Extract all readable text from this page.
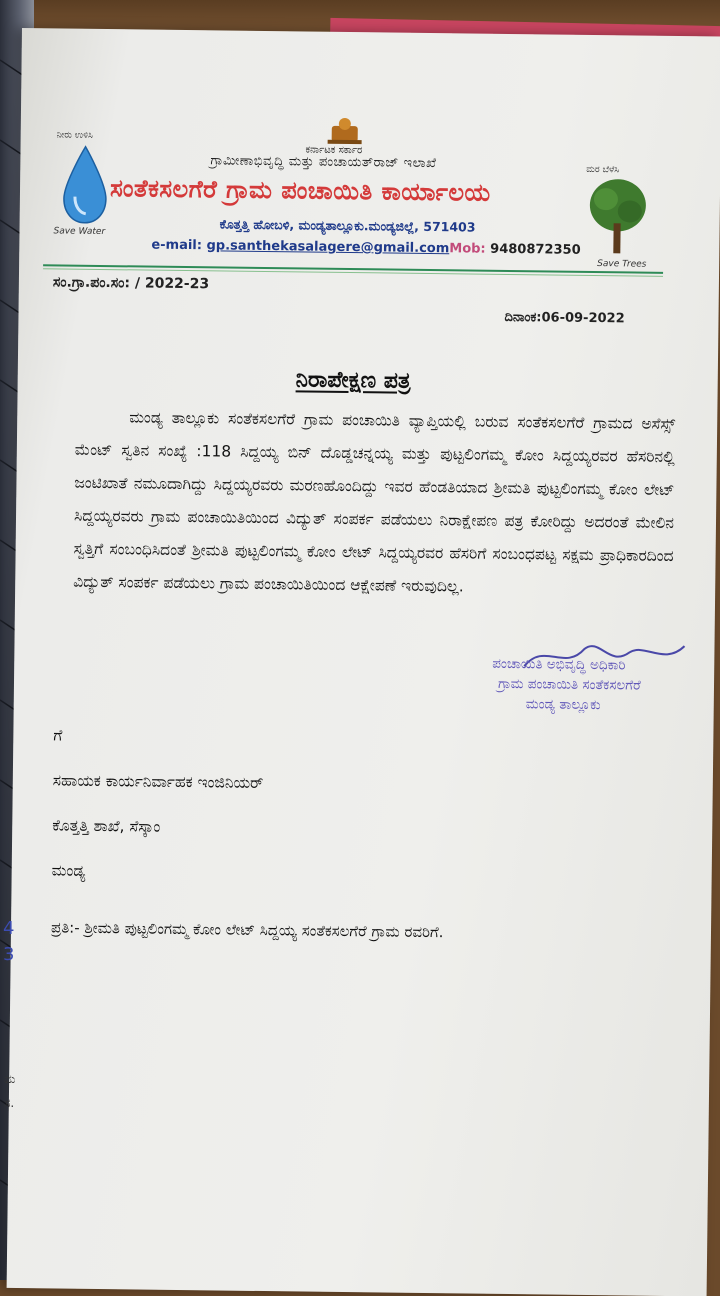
ನೀರು ಉಳಿಸಿ
Save Water
ಕರ್ನಾಟಕ ಸರ್ಕಾರ
ಗ್ರಾಮೀಣಾಭಿವೃದ್ಧಿ ಮತ್ತು ಪಂಚಾಯತ್‌ರಾಜ್ ಇಲಾಖೆ
ಸಂತೆಕಸಲಗೆರೆ ಗ್ರಾಮ ಪಂಚಾಯಿತಿ ಕಾರ್ಯಾಲಯ
ಕೊತ್ತತ್ತಿ ಹೋಬಳಿ, ಮಂಡ್ಯತಾಲ್ಲೂಕು.ಮಂಡ್ಯಜಿಲ್ಲೆ, 571403
e-mail: gp.santhekasalagere@gmail.comMob: 9480872350
ಮರ ಬೆಳೆಸಿ
Save Trees
ಸಂ.ಗ್ರಾ.ಪಂ.ಸಂ: / 2022-23
ದಿನಾಂಕ:06-09-2022
ನಿರಾಪೇಕ್ಷಣ ಪತ್ರ
ಮಂಡ್ಯ ತಾಲ್ಲೂಕು ಸಂತೆಕಸಲಗೆರೆ ಗ್ರಾಮ ಪಂಚಾಯಿತಿ ವ್ಯಾಪ್ತಿಯಲ್ಲಿ ಬರುವ ಸಂತೆಕಸಲಗೆರೆ ಗ್ರಾಮದ ಅಸೆಸ್ಸ್ ಮೆಂಟ್ ಸ್ವತಿನ ಸಂಖ್ಯೆ :118 ಸಿದ್ದಯ್ಯ ಬಿನ್ ದೊಡ್ಡಚನ್ನಯ್ಯ ಮತ್ತು ಪುಟ್ಟಲಿಂಗಮ್ಮ ಕೋಂ ಸಿದ್ದಯ್ಯರವರ ಹೆಸರಿನಲ್ಲಿ ಜಂಟಿಖಾತೆ ನಮೂದಾಗಿದ್ದು ಸಿದ್ದಯ್ಯರವರು ಮರಣಹೊಂದಿದ್ದು ಇವರ ಹೆಂಡತಿಯಾದ ಶ್ರೀಮತಿ ಪುಟ್ಟಲಿಂಗಮ್ಮ ಕೋಂ ಲೇಟ್ ಸಿದ್ದಯ್ಯರವರು ಗ್ರಾಮ ಪಂಚಾಯಿತಿಯಿಂದ ವಿದ್ಯುತ್ ಸಂಪರ್ಕ ಪಡೆಯಲು ನಿರಾಕ್ಷೇಪಣ ಪತ್ರ ಕೋರಿದ್ದು ಅದರಂತೆ ಮೇಲಿನ ಸ್ವತ್ತಿಗೆ ಸಂಬಂಧಿಸಿದಂತೆ ಶ್ರೀಮತಿ ಪುಟ್ಟಲಿಂಗಮ್ಮ ಕೋಂ ಲೇಟ್ ಸಿದ್ದಯ್ಯರವರ ಹೆಸರಿಗೆ ಸಂಬಂಧಪಟ್ಟ ಸಕ್ಷಮ ಪ್ರಾಧಿಕಾರದಿಂದ ವಿದ್ಯುತ್ ಸಂಪರ್ಕ ಪಡೆಯಲು ಗ್ರಾಮ ಪಂಚಾಯಿತಿಯಿಂದ ಆಕ್ಷೇಪಣೆ ಇರುವುದಿಲ್ಲ.
ಪಂಚಾಯಿತಿ ಅಭಿವೃದ್ಧಿ ಅಧಿಕಾರಿ
ಗ್ರಾಮ ಪಂಚಾಯಿತಿ ಸಂತೆಕಸಲಗೆರೆ
ಮಂಡ್ಯ ತಾಲ್ಲೂಕು
ಗೆ
ಸಹಾಯಕ ಕಾರ್ಯನಿರ್ವಾಹಕ ಇಂಜಿನಿಯರ್
ಕೊತ್ತತ್ತಿ ಶಾಖೆ, ಸೆಸ್ಕಾಂ
ಮಂಡ್ಯ
ಪ್ರತಿ:- ಶ್ರೀಮತಿ ಪುಟ್ಟಲಿಂಗಮ್ಮ ಕೋಂ ಲೇಟ್ ಸಿದ್ದಯ್ಯ ಸಂತೆಕಸಲಗೆರೆ ಗ್ರಾಮ ರವರಿಗೆ.
4
3
ಮ
ಸ.
